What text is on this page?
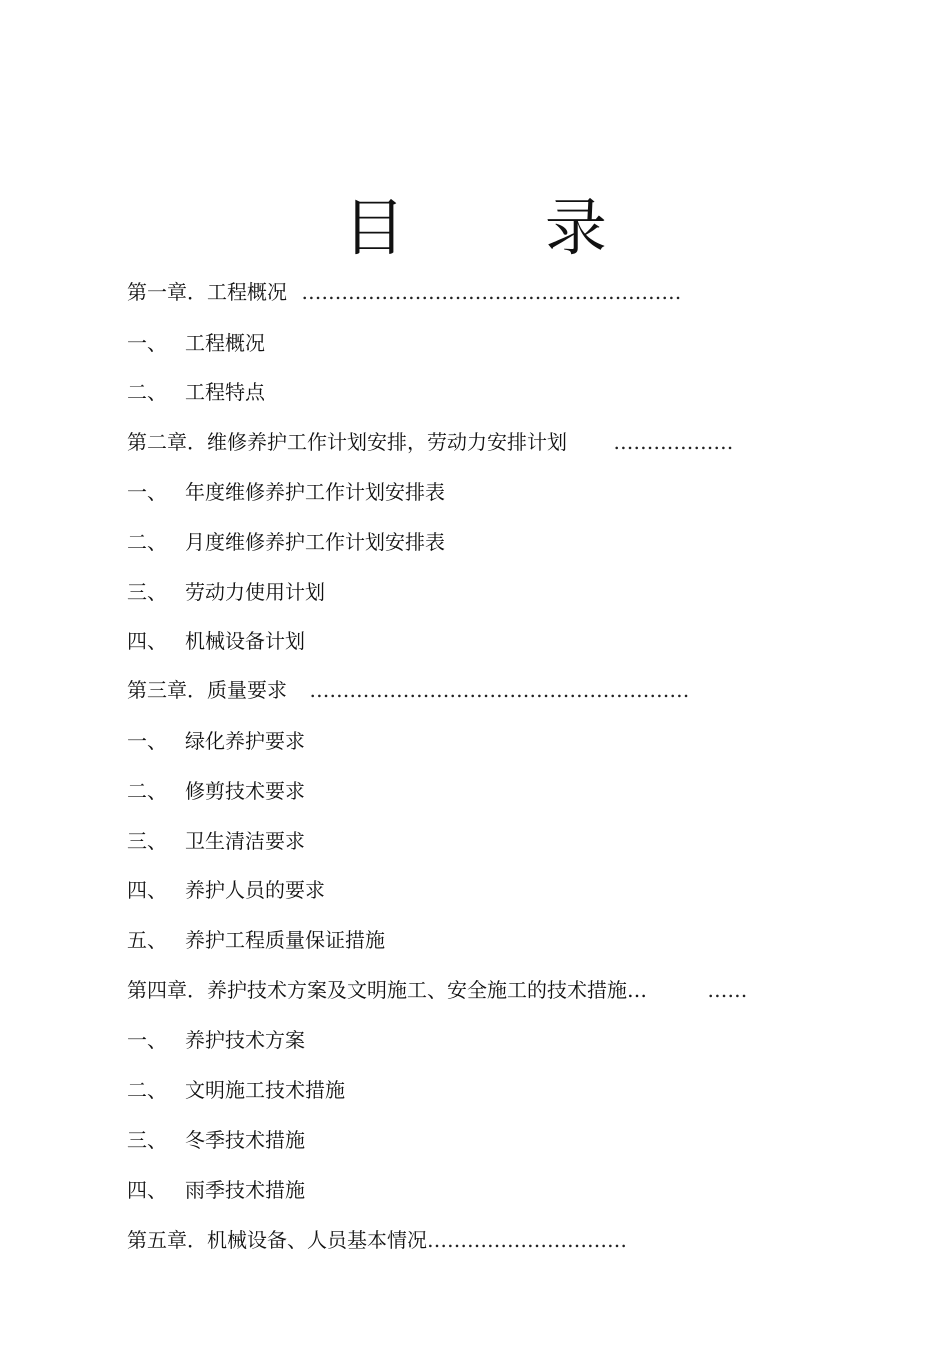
目 录
第一章．工程概况 …………………………………………………
一、 工程概况
二、 工程特点
第二章．维修养护工作计划安排，劳动力安排计划 ………………
一、 年度维修养护工作计划安排表
二、 月度维修养护工作计划安排表
三、 劳动力使用计划
四、 机械设备计划
第三章．质量要求 …………………………………………………
一、 绿化养护要求
二、 修剪技术要求
三、 卫生清洁要求
四、 养护人员的要求
五、 养护工程质量保证措施
第四章．养护技术方案及文明施工、安全施工的技术措施…	……
一、 养护技术方案
二、 文明施工技术措施
三、 冬季技术措施
四、 雨季技术措施
第五章．机械设备、人员基本情况…………………………
